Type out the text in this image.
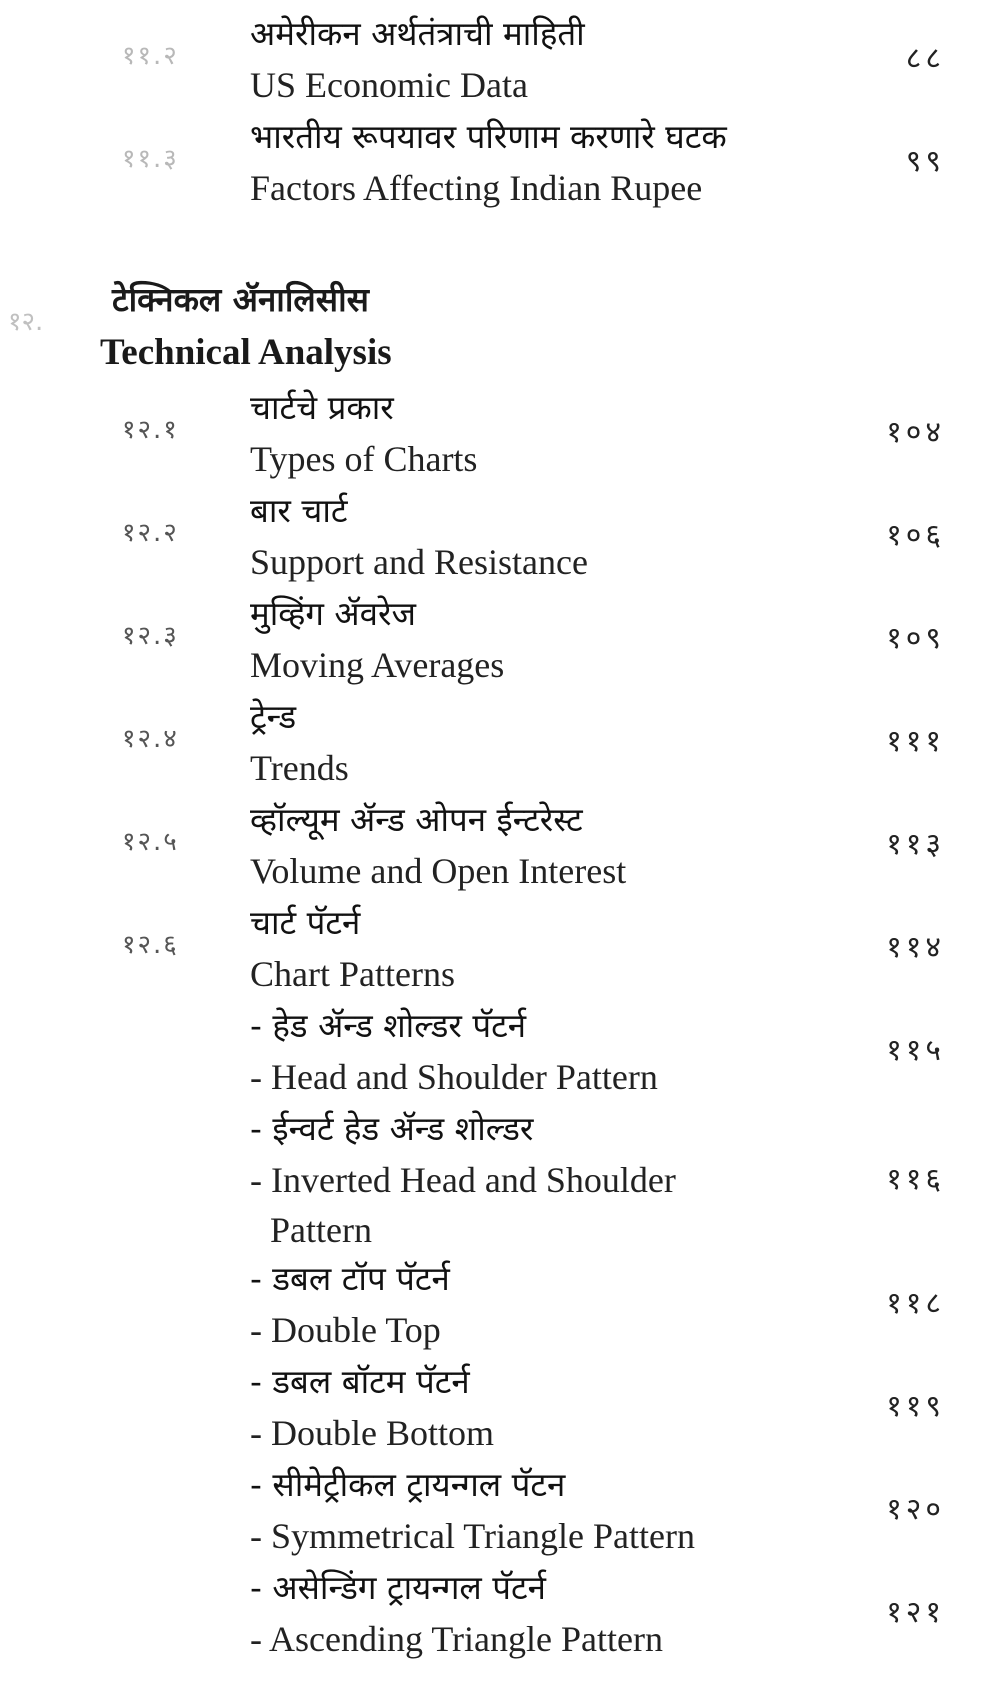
११.२
अमेरीकन अर्थतंत्राची माहिती
US Economic Data
८८
११.३
भारतीय रूपयावर परिणाम करणारे घटक
Factors Affecting Indian Rupee
९९
१२.
टेक्निकल ॲनालिसीस
Technical Analysis
१२.१
चार्टचे प्रकार
Types of Charts
१०४
१२.२
बार चार्ट
Support and Resistance
१०६
१२.३
मुव्हिंग ॲवरेज
Moving Averages
१०९
१२.४
ट्रेन्ड
Trends
१११
१२.५
व्हॉल्यूम ॲन्ड ओपन ईन्टरेस्ट
Volume and Open Interest
११३
१२.६
चार्ट पॅटर्न
Chart Patterns
११४
- हेड ॲन्ड शोल्डर पॅटर्न
- Head and Shoulder Pattern
११५
- ईन्वर्ट हेड ॲन्ड शोल्डर
- Inverted Head and Shoulder
Pattern
११६
- डबल टॉप पॅटर्न
- Double Top
११८
- डबल बॉटम पॅटर्न
- Double Bottom
११९
- सीमेट्रीकल ट्रायन्गल पॅटन
- Symmetrical Triangle Pattern
१२०
- असेन्डिंग ट्रायन्गल पॅटर्न
- Ascending Triangle Pattern
१२१
